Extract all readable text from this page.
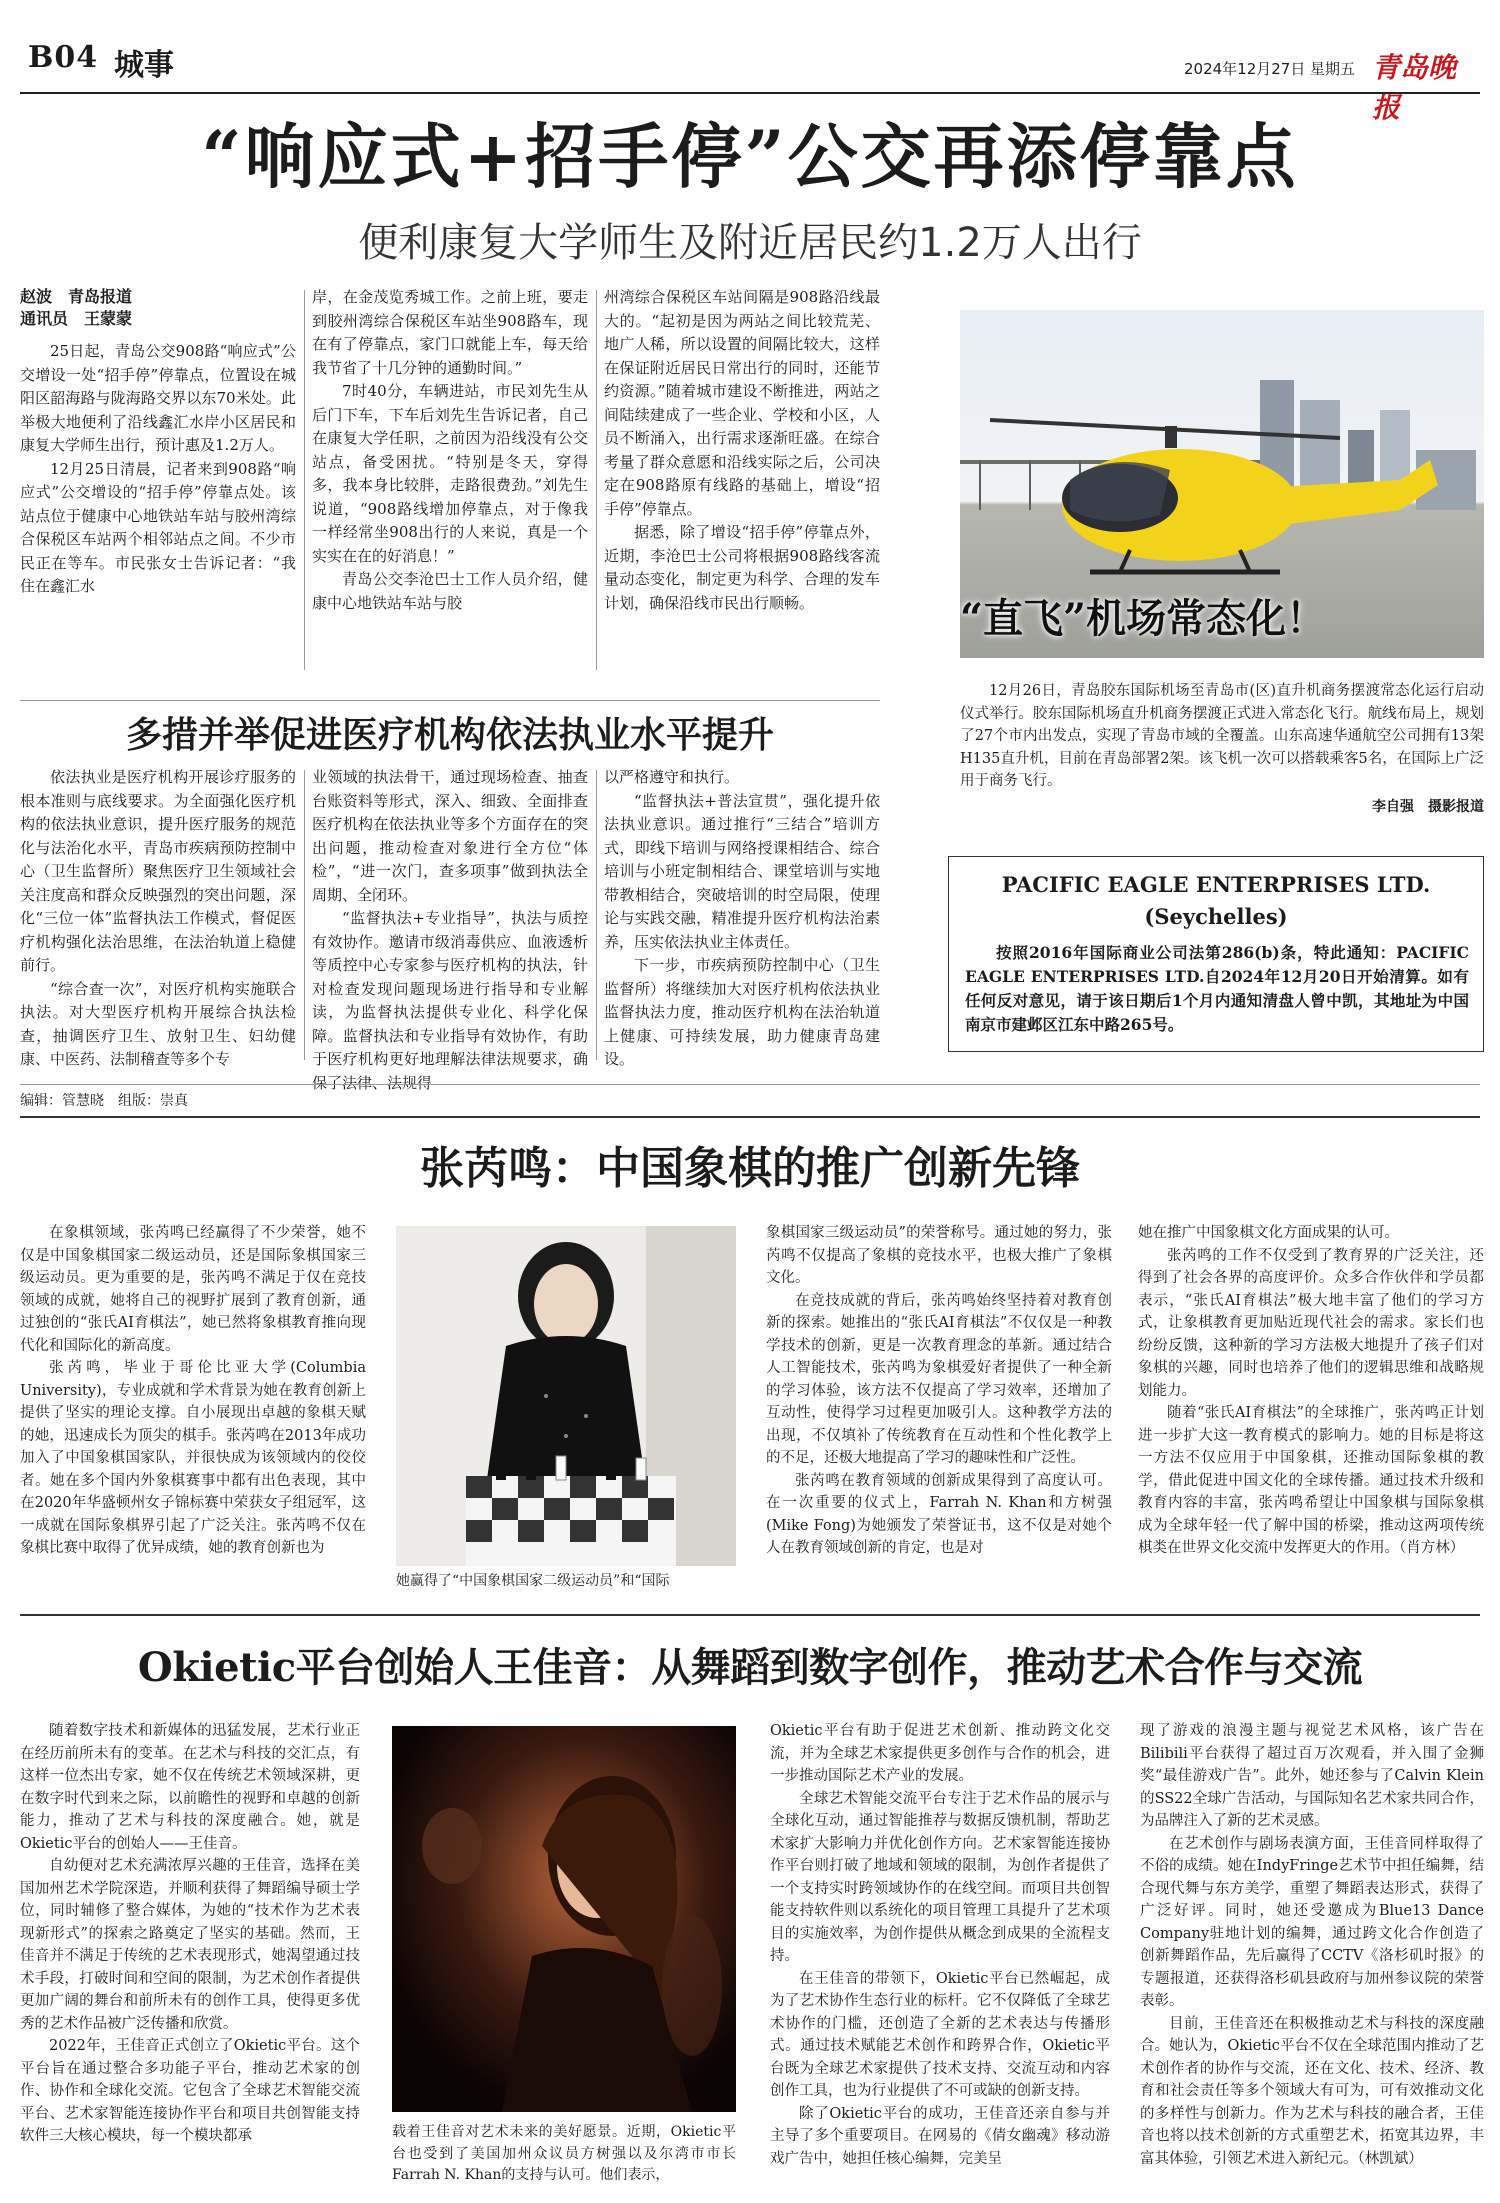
B04 城事	2024年12月27日 星期五 青岛晚报
“响应式+招手停”公交再添停靠点
便利康复大学师生及附近居民约1.2万人出行
赵波　青岛报道
通讯员　王蒙蒙

25日起，青岛公交908路“响应式”公交增设一处“招手停”停靠点，位置设在城阳区韶海路与陇海路交界以东70米处。此举极大地便利了沿线鑫汇水岸小区居民和康复大学师生出行，预计惠及1.2万人。

12月25日清晨，记者来到908路“响应式”公交增设的“招手停”停靠点处。该站点位于健康中心地铁站车站与胶州湾综合保税区车站两个相邻站点之间。不少市民正在等车。市民张女士告诉记者：“我住在鑫汇水

岸，在金茂览秀城工作。之前上班，要走到胶州湾综合保税区车站坐908路车，现在有了停靠点，家门口就能上车，每天给我节省了十几分钟的通勤时间。”

7时40分，车辆进站，市民刘先生从后门下车，下车后刘先生告诉记者，自己在康复大学任职，之前因为沿线没有公交站点，备受困扰。“特别是冬天，穿得多，我本身比较胖，走路很费劲。”刘先生说道，“908路线增加停靠点，对于像我一样经常坐908出行的人来说，真是一个实实在在的好消息！”

青岛公交李沧巴士工作人员介绍，健康中心地铁站车站与胶

州湾综合保税区车站间隔是908路沿线最大的。“起初是因为两站之间比较荒芜、地广人稀，所以设置的间隔比较大，这样在保证附近居民日常出行的同时，还能节约资源。”随着城市建设不断推进，两站之间陆续建成了一些企业、学校和小区，人员不断涌入，出行需求逐渐旺盛。在综合考量了群众意愿和沿线实际之后，公司决定在908路原有线路的基础上，增设“招手停”停靠点。

据悉，除了增设“招手停”停靠点外，近期，李沧巴士公司将根据908路线客流量动态变化，制定更为科学、合理的发车计划，确保沿线市民出行顺畅。	“直飞”机场常态化！
12月26日，青岛胶东国际机场至青岛市(区)直升机商务摆渡常态化运行启动仪式举行。胶东国际机场直升机商务摆渡正式进入常态化飞行。航线布局上，规划了27个市内出发点，实现了青岛市域的全覆盖。山东高速华通航空公司拥有13架H135直升机，目前在青岛部署2架。该飞机一次可以搭载乘客5名，在国际上广泛用于商务飞行。
李自强　摄影报道
多措并举促进医疗机构依法执业水平提升

依法执业是医疗机构开展诊疗服务的根本准则与底线要求。为全面强化医疗机构的依法执业意识，提升医疗服务的规范化与法治化水平，青岛市疾病预防控制中心（卫生监督所）聚焦医疗卫生领域社会关注度高和群众反映强烈的突出问题，深化“三位一体”监督执法工作模式，督促医疗机构强化法治思维，在法治轨道上稳健前行。

“综合查一次”，对医疗机构实施联合执法。对大型医疗机构开展综合执法检查，抽调医疗卫生、放射卫生、妇幼健康、中医药、法制稽查等多个专

业领域的执法骨干，通过现场检查、抽查台账资料等形式，深入、细致、全面排查医疗机构在依法执业等多个方面存在的突出问题，推动检查对象进行全方位“体检”，“进一次门，查多项事”做到执法全周期、全闭环。

“监督执法+专业指导”，执法与质控有效协作。邀请市级消毒供应、血液透析等质控中心专家参与医疗机构的执法，针对检查发现问题现场进行指导和专业解读，为监督执法提供专业化、科学化保障。监督执法和专业指导有效协作，有助于医疗机构更好地理解法律法规要求，确保了法律、法规得

以严格遵守和执行。

“监督执法+普法宣贯”，强化提升依法执业意识。通过推行“三结合”培训方式，即线下培训与网络授课相结合、综合培训与小班定制相结合、课堂培训与实地带教相结合，突破培训的时空局限，使理论与实践交融，精准提升医疗机构法治素养，压实依法执业主体责任。

下一步，市疾病预防控制中心（卫生监督所）将继续加大对医疗机构依法执业监督执法力度，推动医疗机构在法治轨道上健康、可持续发展，助力健康青岛建设。

PACIFIC EAGLE ENTERPRISES LTD.
(Seychelles)
按照2016年国际商业公司法第286(b)条，特此通知：PACIFIC EAGLE ENTERPRISES LTD.自2024年12月20日开始清算。如有任何反对意见，请于该日期后1个月内通知清盘人曾中凯，其地址为中国南京市建邺区江东中路265号。
编辑：管慧晓　组版：崇真
张芮鸣：中国象棋的推广创新先锋

在象棋领域，张芮鸣已经赢得了不少荣誉，她不仅是中国象棋国家二级运动员，还是国际象棋国家三级运动员。更为重要的是，张芮鸣不满足于仅在竞技领域的成就，她将自己的视野扩展到了教育创新，通过独创的“张氏AI育棋法”，她已然将象棋教育推向现代化和国际化的新高度。

张芮鸣，毕业于哥伦比亚大学(Columbia University)，专业成就和学术背景为她在教育创新上提供了坚实的理论支撑。自小展现出卓越的象棋天赋的她，迅速成长为顶尖的棋手。张芮鸣在2013年成功加入了中国象棋国家队，并很快成为该领域内的佼佼者。她在多个国内外象棋赛事中都有出色表现，其中在2020年华盛顿州女子锦标赛中荣获女子组冠军，这一成就在国际象棋界引起了广泛关注。张芮鸣不仅在象棋比赛中取得了优异成绩，她的教育创新也为

她赢得了“中国象棋国家二级运动员”和“国际

象棋国家三级运动员”的荣誉称号。通过她的努力，张芮鸣不仅提高了象棋的竞技水平，也极大推广了象棋文化。

在竞技成就的背后，张芮鸣始终坚持着对教育创新的探索。她推出的“张氏AI育棋法”不仅仅是一种教学技术的创新，更是一次教育理念的革新。通过结合人工智能技术，张芮鸣为象棋爱好者提供了一种全新的学习体验，该方法不仅提高了学习效率，还增加了互动性，使得学习过程更加吸引人。这种教学方法的出现，不仅填补了传统教育在互动性和个性化教学上的不足，还极大地提高了学习的趣味性和广泛性。

张芮鸣在教育领域的创新成果得到了高度认可。在一次重要的仪式上，Farrah N. Khan和方树强(Mike Fong)为她颁发了荣誉证书，这不仅是对她个人在教育领域创新的肯定，也是对

她在推广中国象棋文化方面成果的认可。

张芮鸣的工作不仅受到了教育界的广泛关注，还得到了社会各界的高度评价。众多合作伙伴和学员都表示，“张氏AI育棋法”极大地丰富了他们的学习方式，让象棋教育更加贴近现代社会的需求。家长们也纷纷反馈，这种新的学习方法极大地提升了孩子们对象棋的兴趣，同时也培养了他们的逻辑思维和战略规划能力。

随着“张氏AI育棋法”的全球推广，张芮鸣正计划进一步扩大这一教育模式的影响力。她的目标是将这一方法不仅应用于中国象棋，还推动国际象棋的教学，借此促进中国文化的全球传播。通过技术升级和教育内容的丰富，张芮鸣希望让中国象棋与国际象棋成为全球年轻一代了解中国的桥梁，推动这两项传统棋类在世界文化交流中发挥更大的作用。（肖方林）

Okietic平台创始人王佳音：从舞蹈到数字创作，推动艺术合作与交流

随着数字技术和新媒体的迅猛发展，艺术行业正在经历前所未有的变革。在艺术与科技的交汇点，有这样一位杰出专家，她不仅在传统艺术领域深耕，更在数字时代到来之际，以前瞻性的视野和卓越的创新能力，推动了艺术与科技的深度融合。她，就是Okietic平台的创始人——王佳音。

自幼便对艺术充满浓厚兴趣的王佳音，选择在美国加州艺术学院深造，并顺利获得了舞蹈编导硕士学位，同时辅修了整合媒体，为她的“技术作为艺术表现新形式”的探索之路奠定了坚实的基础。然而，王佳音并不满足于传统的艺术表现形式，她渴望通过技术手段，打破时间和空间的限制，为艺术创作者提供更加广阔的舞台和前所未有的创作工具，使得更多优秀的艺术作品被广泛传播和欣赏。

2022年，王佳音正式创立了Okietic平台。这个平台旨在通过整合多功能子平台，推动艺术家的创作、协作和全球化交流。它包含了全球艺术智能交流平台、艺术家智能连接协作平台和项目共创智能支持软件三大核心模块，每一个模块都承	载着王佳音对艺术未来的美好愿景。近期，Okietic平台也受到了美国加州众议员方树强以及尔湾市市长Farrah N. Khan的支持与认可。他们表示，

Okietic平台有助于促进艺术创新、推动跨文化交流，并为全球艺术家提供更多创作与合作的机会，进一步推动国际艺术产业的发展。

全球艺术智能交流平台专注于艺术作品的展示与全球化互动，通过智能推荐与数据反馈机制，帮助艺术家扩大影响力并优化创作方向。艺术家智能连接协作平台则打破了地域和领域的限制，为创作者提供了一个支持实时跨领域协作的在线空间。而项目共创智能支持软件则以系统化的项目管理工具提升了艺术项目的实施效率，为创作提供从概念到成果的全流程支持。

在王佳音的带领下，Okietic平台已然崛起，成为了艺术协作生态行业的标杆。它不仅降低了全球艺术协作的门槛，还创造了全新的艺术表达与传播形式。通过技术赋能艺术创作和跨界合作，Okietic平台既为全球艺术家提供了技术支持、交流互动和内容创作工具，也为行业提供了不可或缺的创新支持。

除了Okietic平台的成功，王佳音还亲自参与并主导了多个重要项目。在网易的《倩女幽魂》移动游戏广告中，她担任核心编舞，完美呈

现了游戏的浪漫主题与视觉艺术风格，该广告在Bilibili平台获得了超过百万次观看，并入围了金狮奖“最佳游戏广告”。此外，她还参与了Calvin Klein的SS22全球广告活动，与国际知名艺术家共同合作，为品牌注入了新的艺术灵感。

在艺术创作与剧场表演方面，王佳音同样取得了不俗的成绩。她在IndyFringe艺术节中担任编舞，结合现代舞与东方美学，重塑了舞蹈表达形式，获得了广泛好评。同时，她还受邀成为Blue13 Dance Company驻地计划的编舞，通过跨文化合作创造了创新舞蹈作品，先后赢得了CCTV《洛杉矶时报》的专题报道，还获得洛杉矶县政府与加州参议院的荣誉表彰。

目前，王佳音还在积极推动艺术与科技的深度融合。她认为，Okietic平台不仅在全球范围内推动了艺术创作者的协作与交流，还在文化、技术、经济、教育和社会责任等多个领域大有可为，可有效推动文化的多样性与创新力。作为艺术与科技的融合者，王佳音也将以技术创新的方式重塑艺术，拓宽其边界，丰富其体验，引领艺术进入新纪元。（林凯斌）
